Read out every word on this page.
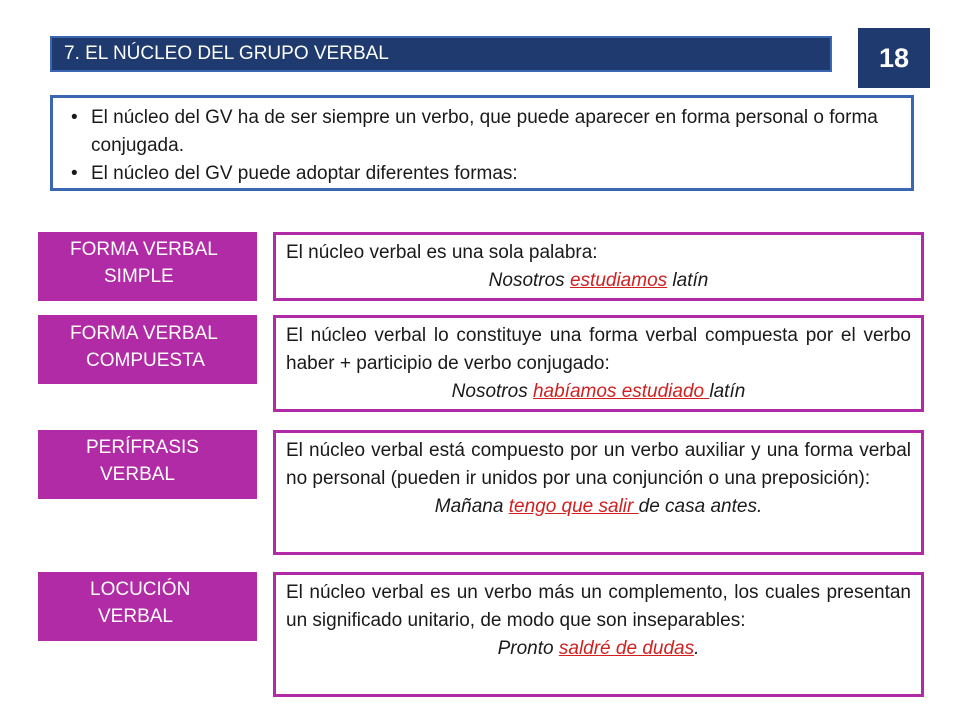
7. EL NÚCLEO DEL GRUPO VERBAL	18
• El núcleo del GV ha de ser siempre un verbo, que puede aparecer en forma personal o forma conjugada.
• El núcleo del GV puede adoptar diferentes formas:
FORMA VERBAL
SIMPLE
El núcleo verbal es una sola palabra:
Nosotros estudiamos latín
FORMA VERBAL
COMPUESTA
El núcleo verbal lo constituye una forma verbal compuesta por el verbo haber + participio de verbo conjugado:
Nosotros habíamos estudiado latín
PERÍFRASIS
VERBAL
El núcleo verbal está compuesto por un verbo auxiliar y una forma verbal no personal (pueden ir unidos por una conjunción o una preposición):
Mañana tengo que salir de casa antes.
LOCUCIÓN
VERBAL
El núcleo verbal es un verbo más un complemento, los cuales presentan un significado unitario, de modo que son inseparables:
Pronto saldré de dudas.
